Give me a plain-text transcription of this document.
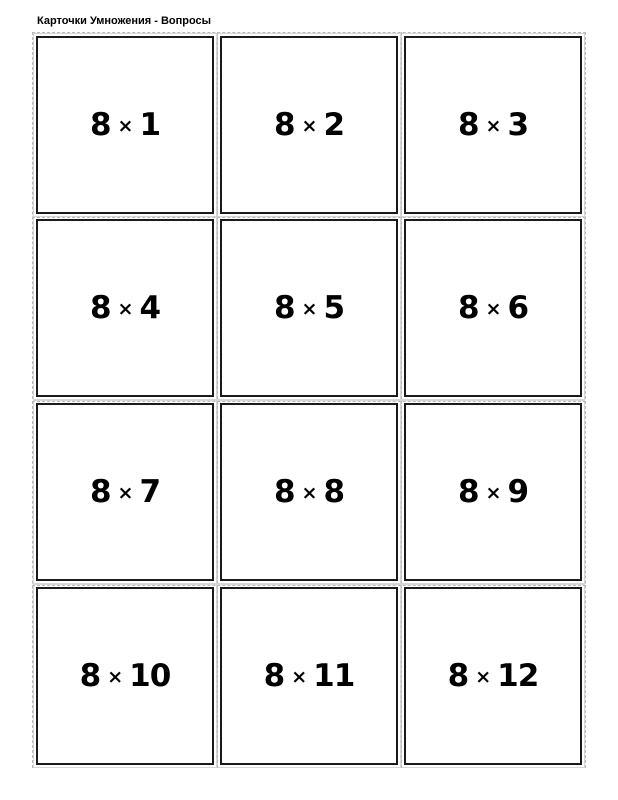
Карточки Умножения - Вопросы
8 × 1	8 × 2	8 × 3
8 × 4	8 × 5	8 × 6
8 × 7	8 × 8	8 × 9
8 × 10	8 × 11	8 × 12
